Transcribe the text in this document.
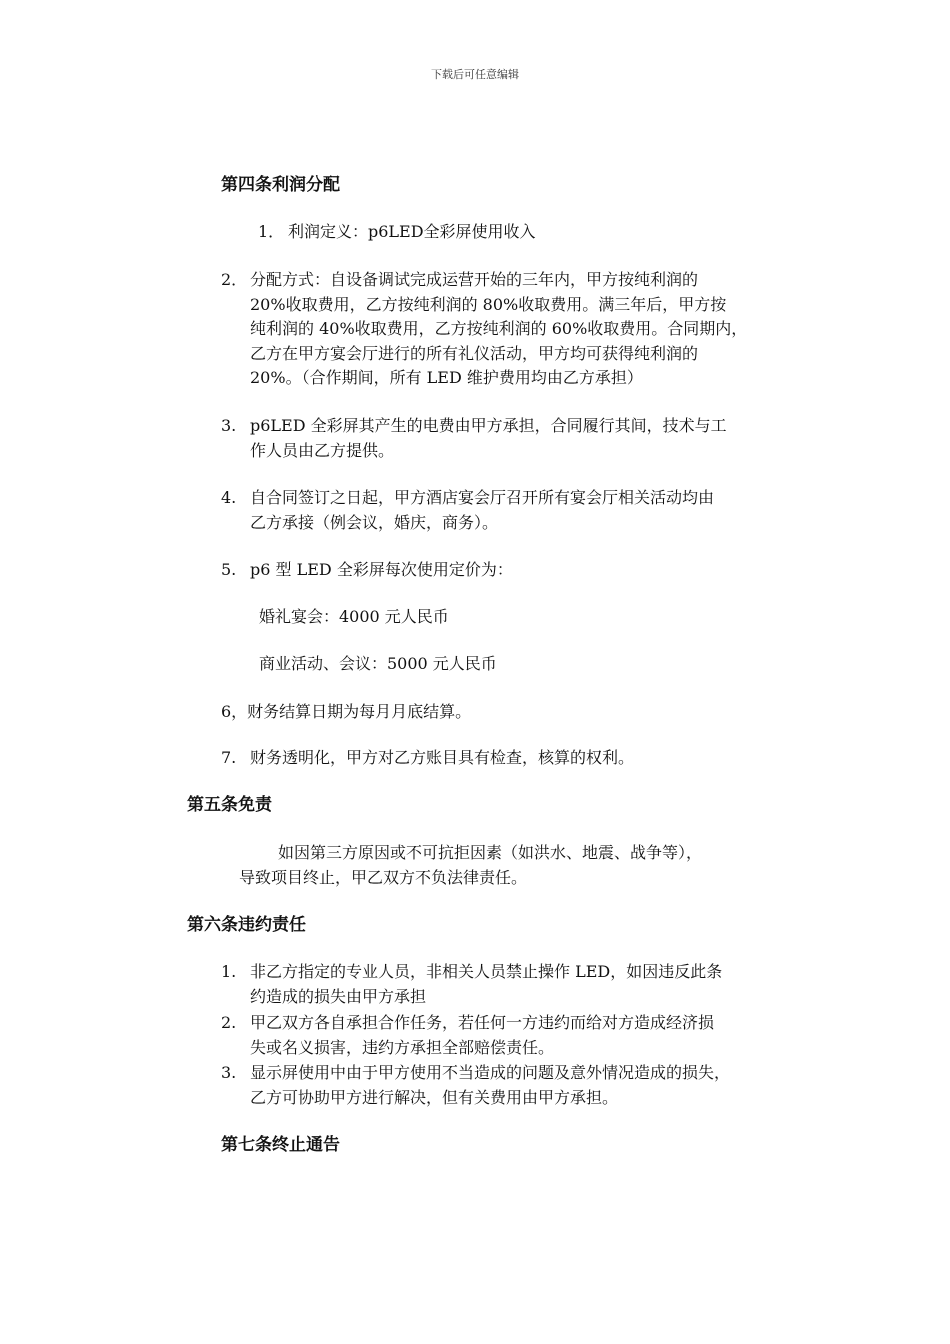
下载后可任意编辑
第四条利润分配
1． 利润定义：p6LED全彩屏使用收入
2． 分配方式：自设备调试完成运营开始的三年内，甲方按纯利润的
20%收取费用，乙方按纯利润的 80%收取费用。满三年后，甲方按
纯利润的 40%收取费用，乙方按纯利润的 60%收取费用。合同期内，
乙方在甲方宴会厅进行的所有礼仪活动，甲方均可获得纯利润的
20%。（合作期间，所有 LED 维护费用均由乙方承担）
3. p6LED 全彩屏其产生的电费由甲方承担，合同履行其间，技术与工
作人员由乙方提供。
4. 自合同签订之日起，甲方酒店宴会厅召开所有宴会厅相关活动均由
乙方承接（例会议，婚庆，商务）。
5. p6 型 LED 全彩屏每次使用定价为：

婚礼宴会：4000 元人民币

商业活动、会议：5000 元人民币

6，财务结算日期为每月月底结算。

7. 财务透明化，甲方对乙方账目具有检查，核算的权利。
第五条免责

如因第三方原因或不可抗拒因素（如洪水、地震、战争等），

导致项目终止，甲乙双方不负法律责任。

第六条违约责任
1. 非乙方指定的专业人员，非相关人员禁止操作 LED，如因违反此条
约造成的损失由甲方承担
2. 甲乙双方各自承担合作任务，若任何一方违约而给对方造成经济损
失或名义损害，违约方承担全部赔偿责任。
3. 显示屏使用中由于甲方使用不当造成的问题及意外情况造成的损失，
乙方可协助甲方进行解决，但有关费用由甲方承担。
第七条终止通告
